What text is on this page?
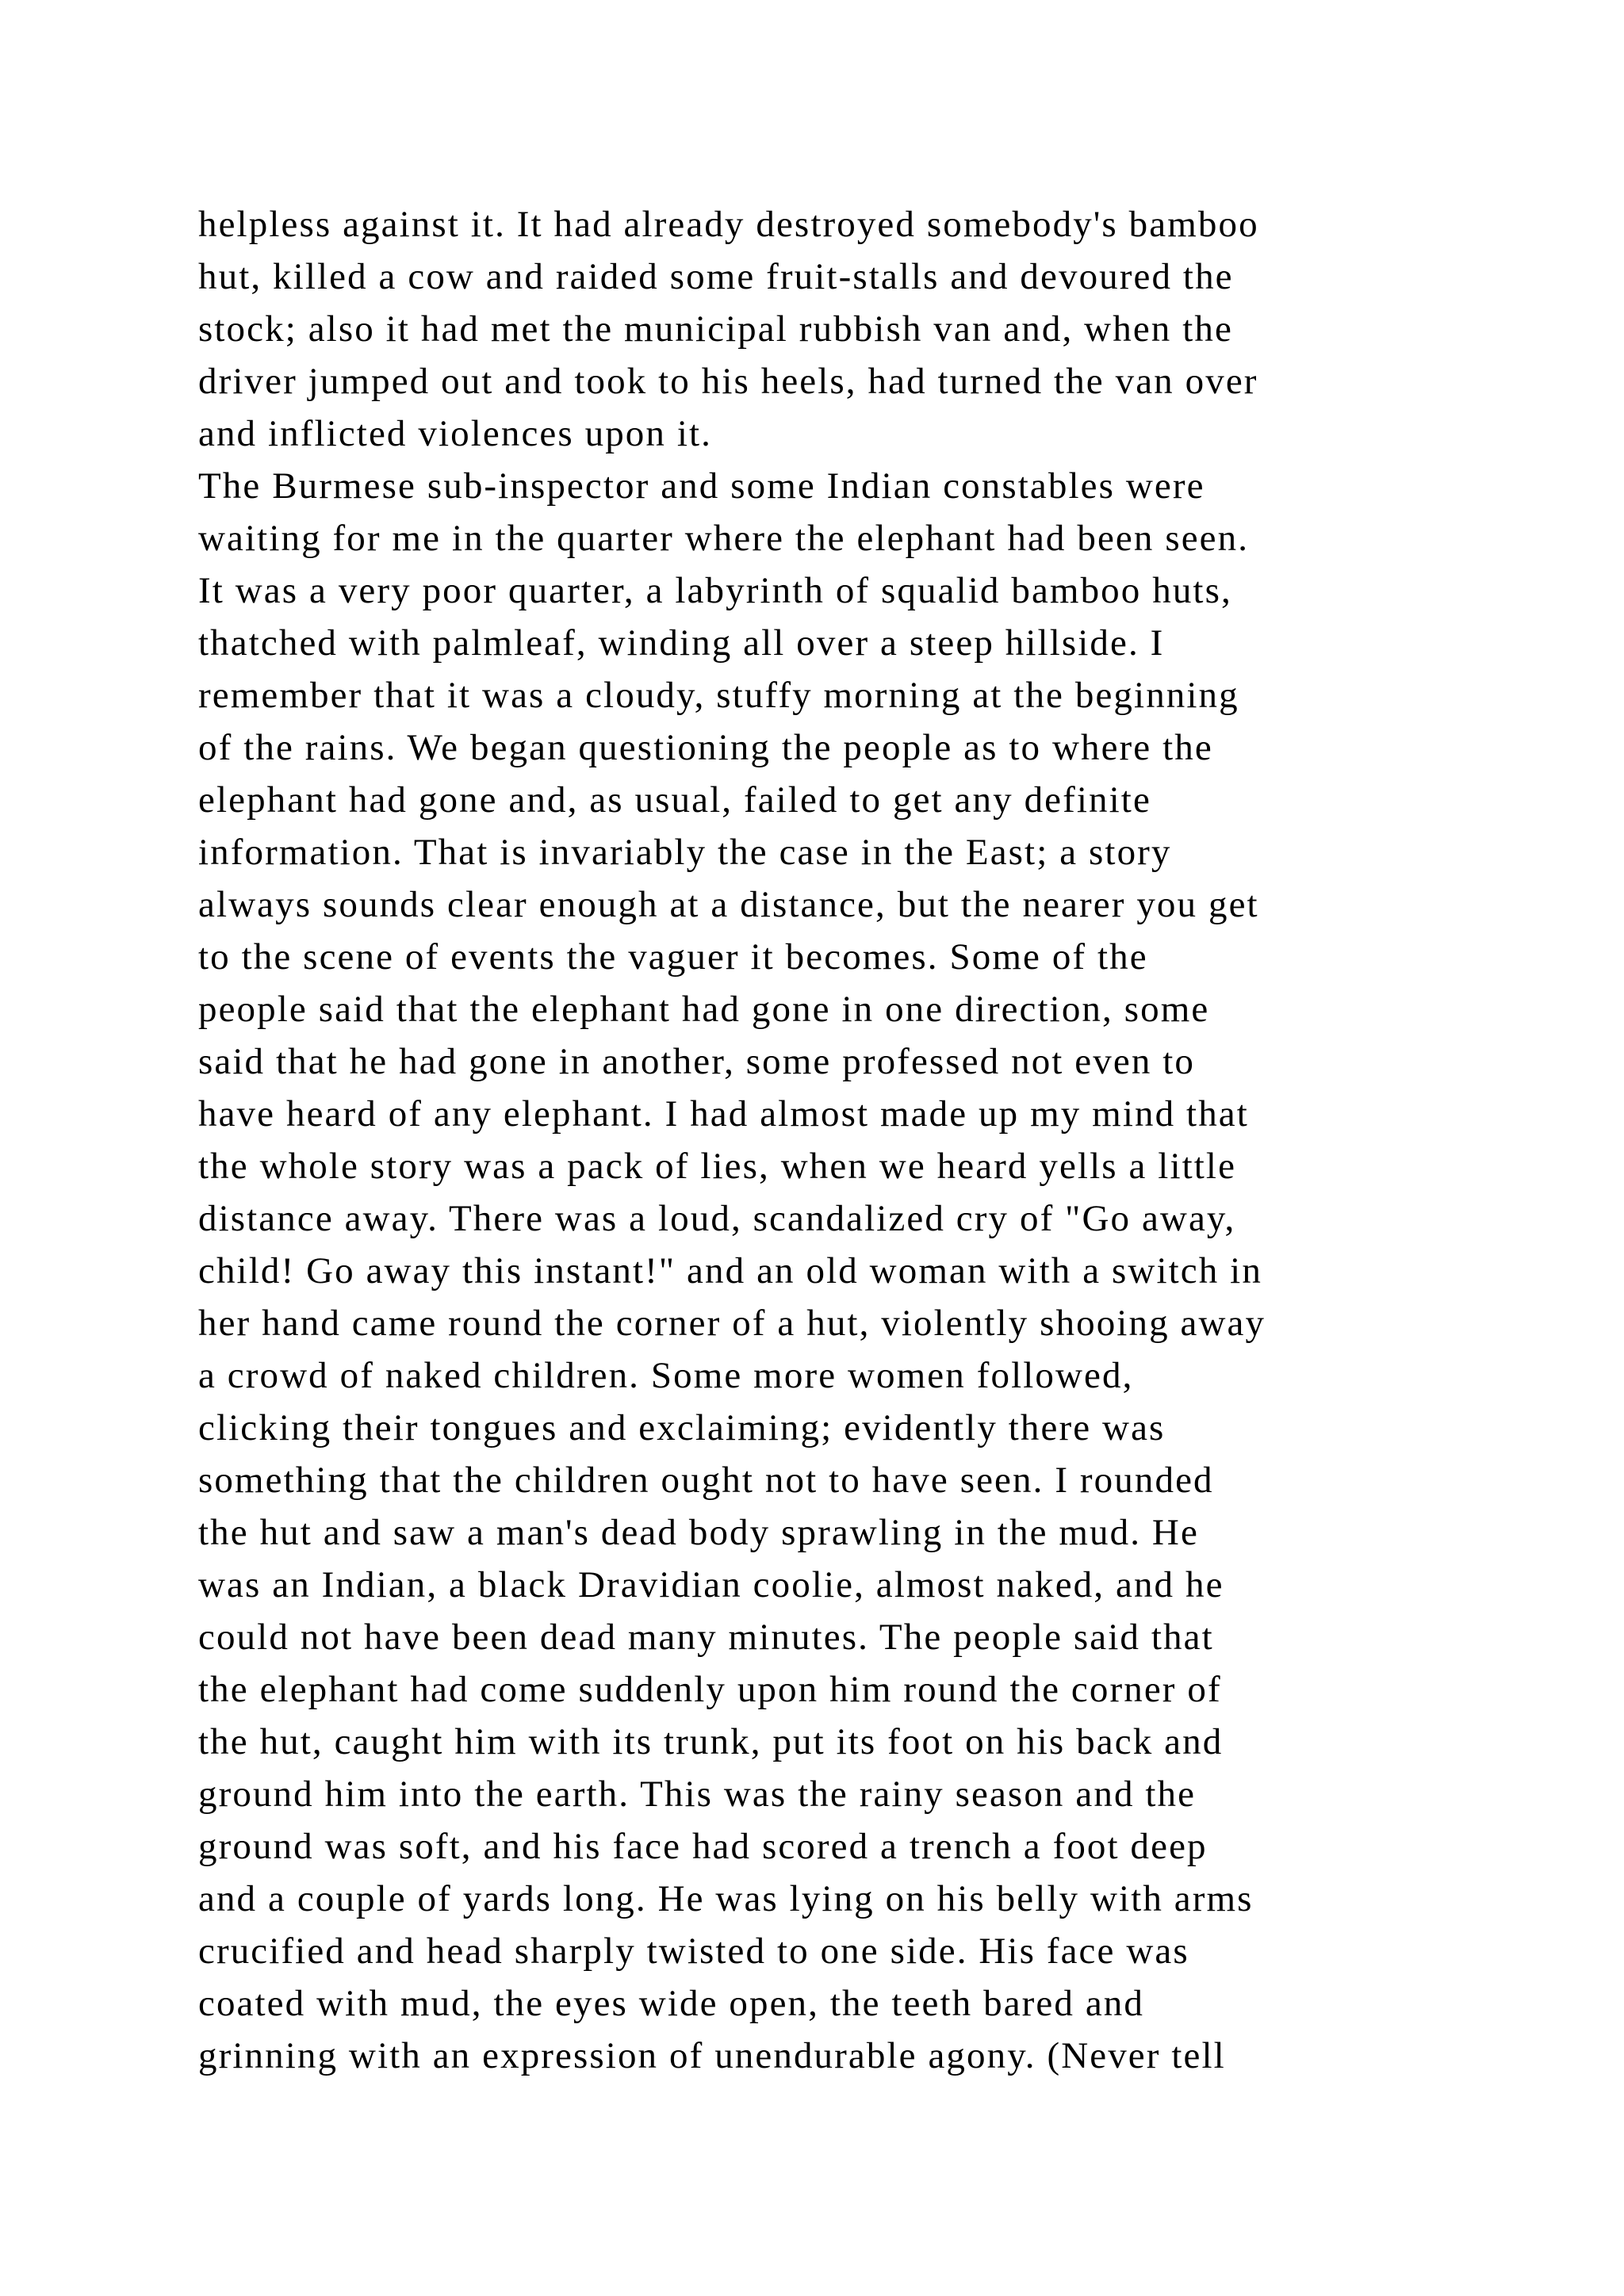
helpless against it. It had already destroyed somebody's bamboo
hut, killed a cow and raided some fruit-stalls and devoured the
stock; also it had met the municipal rubbish van and, when the
driver jumped out and took to his heels, had turned the van over
and inflicted violences upon it.
The Burmese sub-inspector and some Indian constables were
waiting for me in the quarter where the elephant had been seen.
It was a very poor quarter, a labyrinth of squalid bamboo huts,
thatched with palmleaf, winding all over a steep hillside. I
remember that it was a cloudy, stuffy morning at the beginning
of the rains. We began questioning the people as to where the
elephant had gone and, as usual, failed to get any definite
information. That is invariably the case in the East; a story
always sounds clear enough at a distance, but the nearer you get
to the scene of events the vaguer it becomes. Some of the
people said that the elephant had gone in one direction, some
said that he had gone in another, some professed not even to
have heard of any elephant. I had almost made up my mind that
the whole story was a pack of lies, when we heard yells a little
distance away. There was a loud, scandalized cry of "Go away,
child! Go away this instant!" and an old woman with a switch in
her hand came round the corner of a hut, violently shooing away
a crowd of naked children. Some more women followed,
clicking their tongues and exclaiming; evidently there was
something that the children ought not to have seen. I rounded
the hut and saw a man's dead body sprawling in the mud. He
was an Indian, a black Dravidian coolie, almost naked, and he
could not have been dead many minutes. The people said that
the elephant had come suddenly upon him round the corner of
the hut, caught him with its trunk, put its foot on his back and
ground him into the earth. This was the rainy season and the
ground was soft, and his face had scored a trench a foot deep
and a couple of yards long. He was lying on his belly with arms
crucified and head sharply twisted to one side. His face was
coated with mud, the eyes wide open, the teeth bared and
grinning with an expression of unendurable agony. (Never tell
